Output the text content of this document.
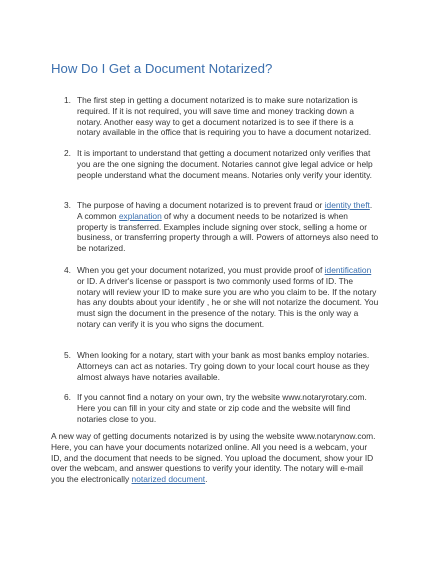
How Do I Get a Document Notarized?
1. The first step in getting a document notarized is to make sure notarization is
required. If it is not required, you will save time and money tracking down a
notary. Another easy way to get a document notarized is to see if there is a
notary available in the office that is requiring you to have a document notarized.
2. It is important to understand that getting a document notarized only verifies that
you are the one signing the document. Notaries cannot give legal advice or help
people understand what the document means. Notaries only verify your identity.
3. The purpose of having a document notarized is to prevent fraud or identity theft.
A common explanation of why a document needs to be notarized is when
property is transferred. Examples include signing over stock, selling a home or
business, or transferring property through a will. Powers of attorneys also need to
be notarized.
4. When you get your document notarized, you must provide proof of identification
or ID. A driver's license or passport is two commonly used forms of ID. The
notary will review your ID to make sure you are who you claim to be. If the notary
has any doubts about your identify , he or she will not notarize the document. You
must sign the document in the presence of the notary. This is the only way a
notary can verify it is you who signs the document.
5. When looking for a notary, start with your bank as most banks employ notaries.
Attorneys can act as notaries. Try going down to your local court house as they
almost always have notaries available.
6. If you cannot find a notary on your own, try the website www.notaryrotary.com.
Here you can fill in your city and state or zip code and the website will find
notaries close to you.

A new way of getting documents notarized is by using the website www.notarynow.com.
Here, you can have your documents notarized online. All you need is a webcam, your
ID, and the document that needs to be signed. You upload the document, show your ID
over the webcam, and answer questions to verify your identity. The notary will e-mail
you the electronically notarized document.
